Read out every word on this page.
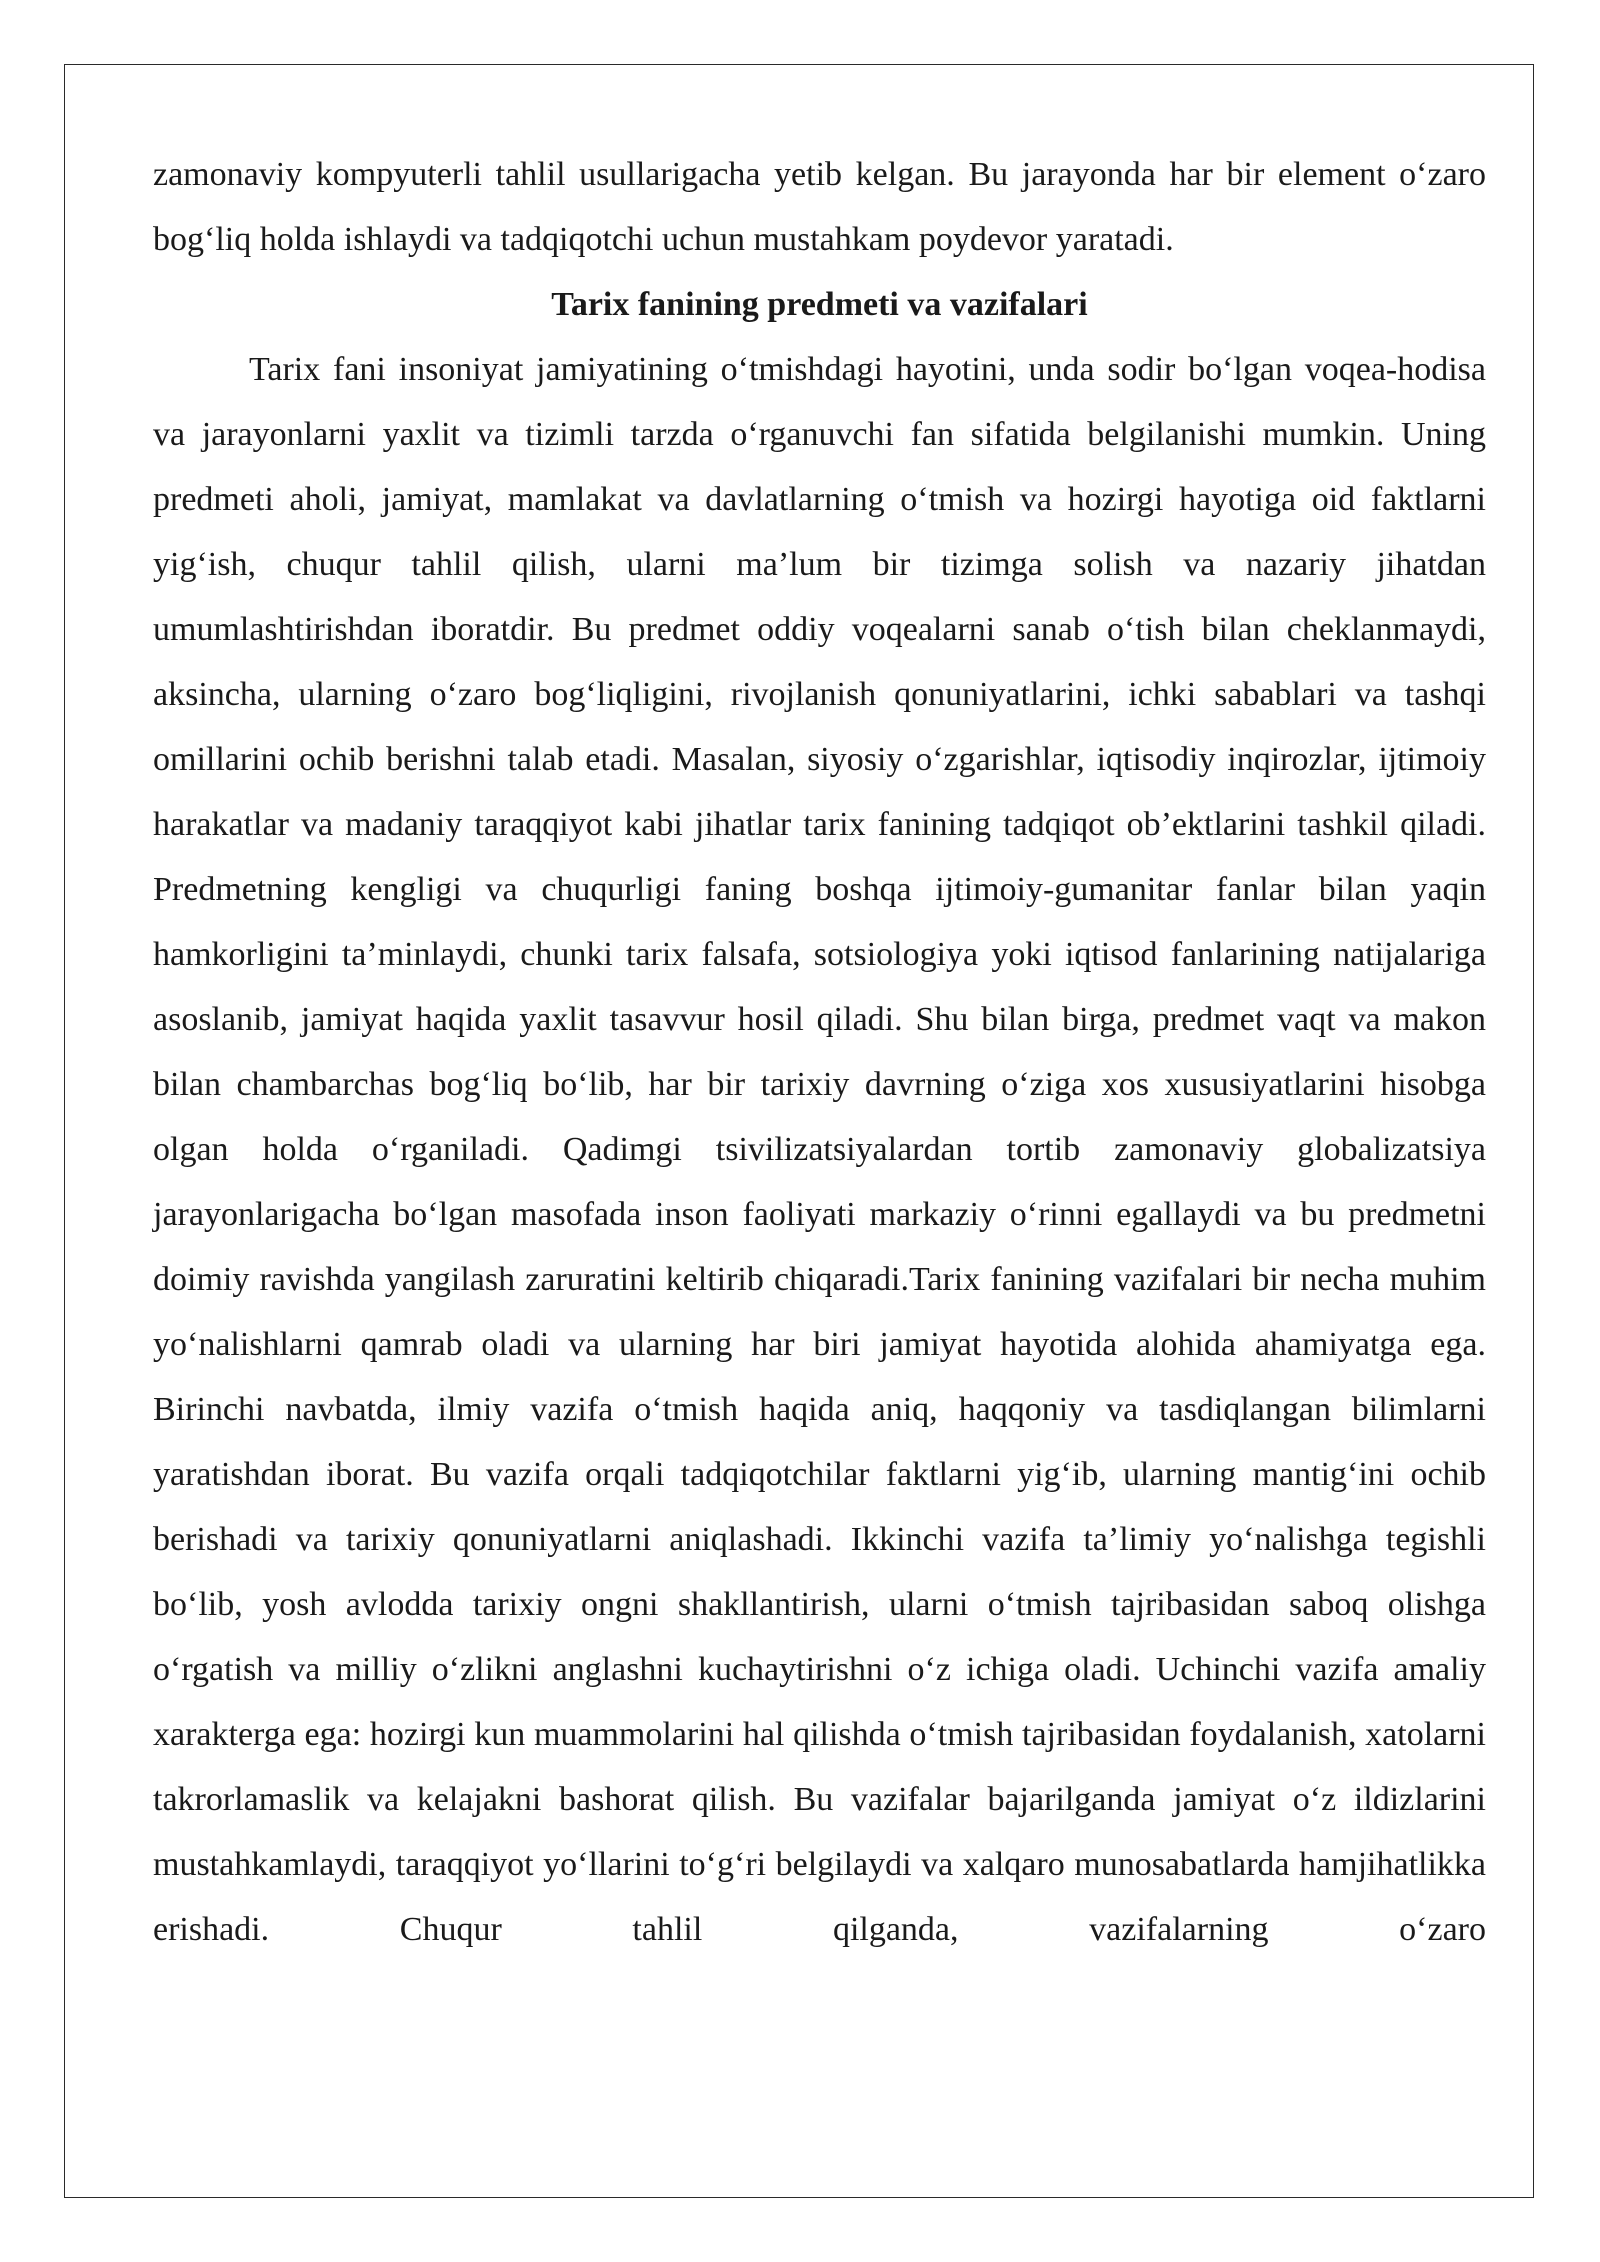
zamonaviy kompyuterli tahlil usullarigacha yetib kelgan. Bu jarayonda har bir element o‘zaro bog‘liq holda ishlaydi va tadqiqotchi uchun mustahkam poydevor yaratadi.

Tarix fanining predmeti va vazifalari

Tarix fani insoniyat jamiyatining o‘tmishdagi hayotini, unda sodir bo‘lgan voqea-hodisa va jarayonlarni yaxlit va tizimli tarzda o‘rganuvchi fan sifatida belgilanishi mumkin. Uning predmeti aholi, jamiyat, mamlakat va davlatlarning o‘tmish va hozirgi hayotiga oid faktlarni yig‘ish, chuqur tahlil qilish, ularni ma’lum bir tizimga solish va nazariy jihatdan umumlashtirishdan iboratdir. Bu predmet oddiy voqealarni sanab o‘tish bilan cheklanmaydi, aksincha, ularning o‘zaro bog‘liqligini, rivojlanish qonuniyatlarini, ichki sabablari va tashqi omillarini ochib berishni talab etadi. Masalan, siyosiy o‘zgarishlar, iqtisodiy inqirozlar, ijtimoiy harakatlar va madaniy taraqqiyot kabi jihatlar tarix fanining tadqiqot ob’ektlarini tashkil qiladi. Predmetning kengligi va chuqurligi faning boshqa ijtimoiy-gumanitar fanlar bilan yaqin hamkorligini ta’minlaydi, chunki tarix falsafa, sotsiologiya yoki iqtisod fanlarining natijalariga asoslanib, jamiyat haqida yaxlit tasavvur hosil qiladi. Shu bilan birga, predmet vaqt va makon bilan chambarchas bog‘liq bo‘lib, har bir tarixiy davrning o‘ziga xos xususiyatlarini hisobga olgan holda o‘rganiladi. Qadimgi tsivilizatsiyalardan tortib zamonaviy globalizatsiya jarayonlarigacha bo‘lgan masofada inson faoliyati markaziy o‘rinni egallaydi va bu predmetni doimiy ravishda yangilash zaruratini keltirib chiqaradi.Tarix fanining vazifalari bir necha muhim yo‘nalishlarni qamrab oladi va ularning har biri jamiyat hayotida alohida ahamiyatga ega. Birinchi navbatda, ilmiy vazifa o‘tmish haqida aniq, haqqoniy va tasdiqlangan bilimlarni yaratishdan iborat. Bu vazifa orqali tadqiqotchilar faktlarni yig‘ib, ularning mantig‘ini ochib berishadi va tarixiy qonuniyatlarni aniqlashadi. Ikkinchi vazifa ta’limiy yo‘nalishga tegishli bo‘lib, yosh avlodda tarixiy ongni shakllantirish, ularni o‘tmish tajribasidan saboq olishga o‘rgatish va milliy o‘zlikni anglashni kuchaytirishni o‘z ichiga oladi. Uchinchi vazifa amaliy xarakterga ega: hozirgi kun muammolarini hal qilishda o‘tmish tajribasidan foydalanish, xatolarni takrorlamaslik va kelajakni bashorat qilish. Bu vazifalar bajarilganda jamiyat o‘z ildizlarini mustahkamlaydi, taraqqiyot yo‘llarini to‘g‘ri belgilaydi va xalqaro munosabatlarda hamjihatlikka erishadi. Chuqur tahlil qilganda, vazifalarning o‘zaro
